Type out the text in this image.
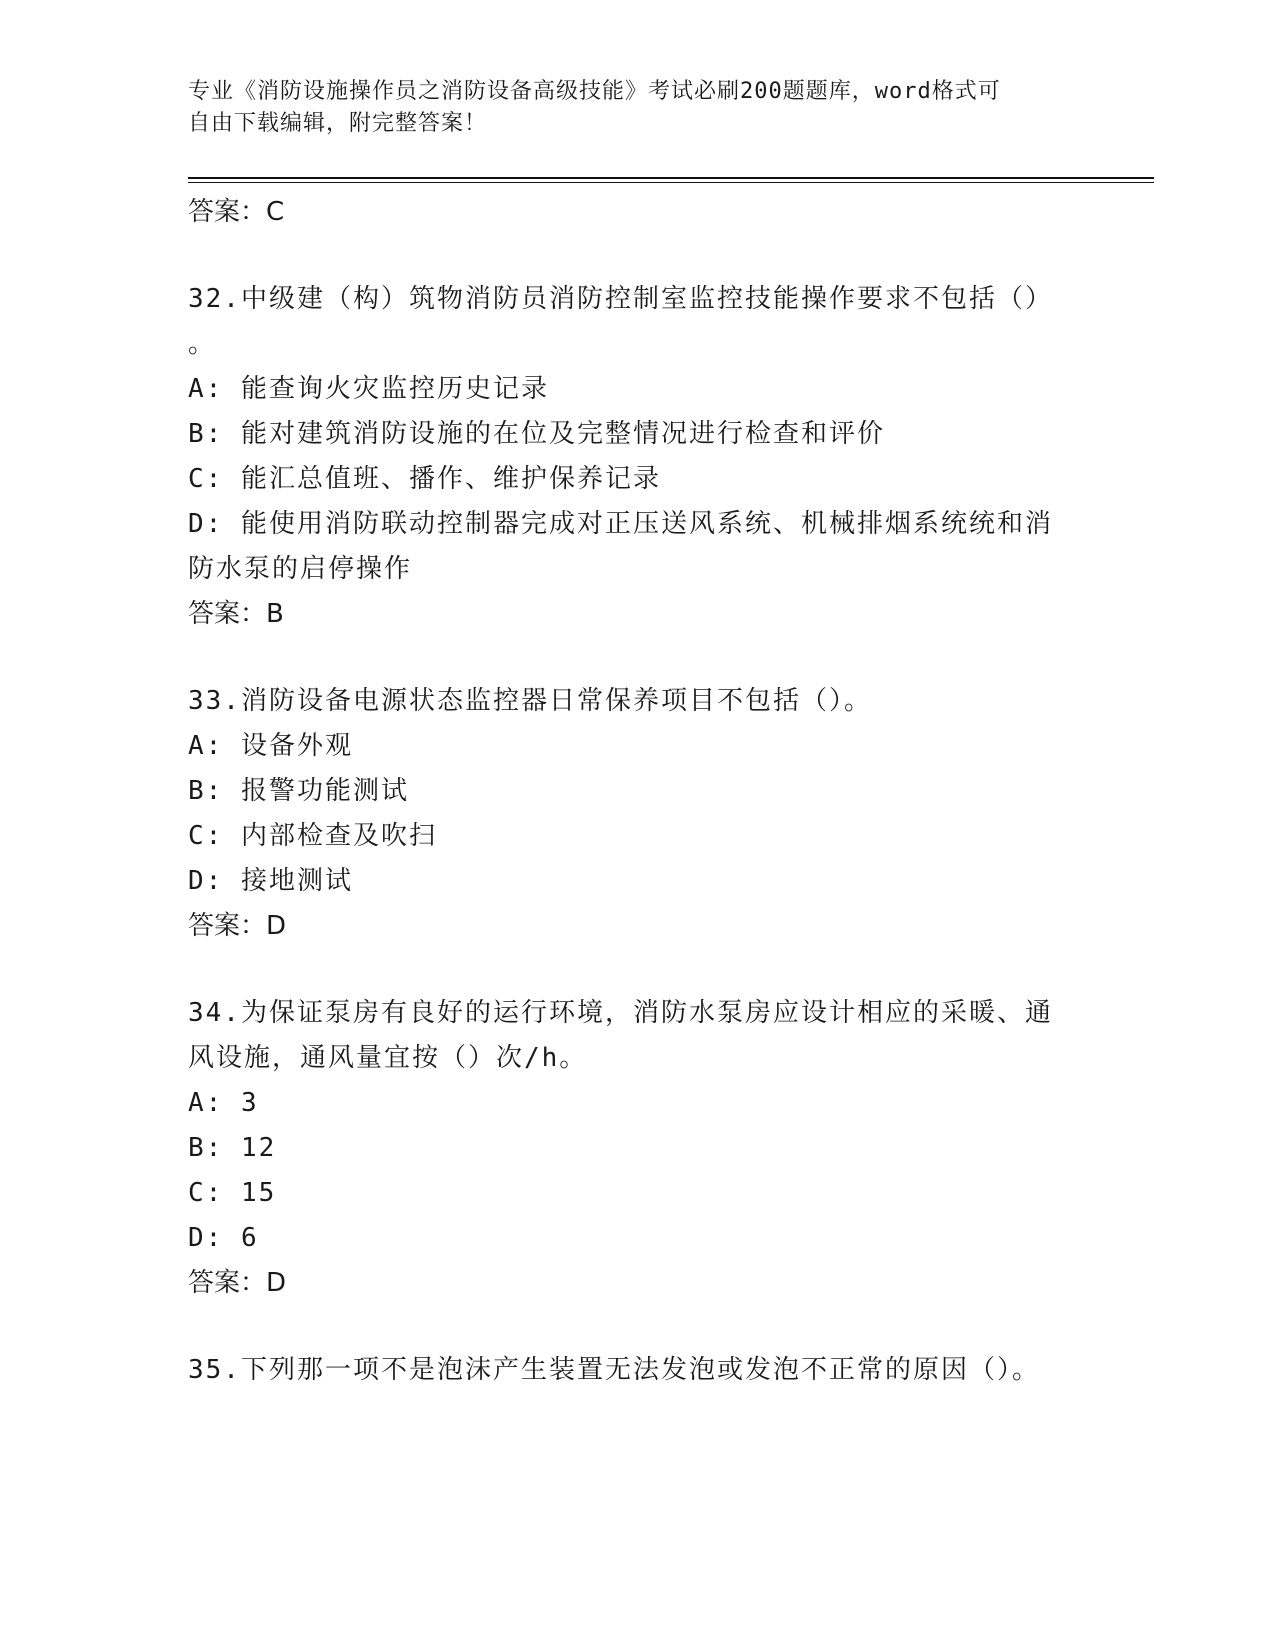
专业《消防设施操作员之消防设备高级技能》考试必刷200题题库，word格式可
自由下载编辑，附完整答案！
答案：C
32.中级建（构）筑物消防员消防控制室监控技能操作要求不包括（）
。
A: 能查询火灾监控历史记录
B: 能对建筑消防设施的在位及完整情况进行检查和评价
C: 能汇总值班、播作、维护保养记录
D: 能使用消防联动控制器完成对正压送风系统、机械排烟系统统和消
防水泵的启停操作
答案：B
33.消防设备电源状态监控器日常保养项目不包括（）。
A: 设备外观
B: 报警功能测试
C: 内部检查及吹扫
D: 接地测试
答案：D
34.为保证泵房有良好的运行环境，消防水泵房应设计相应的采暖、通
风设施，通风量宜按（）次/h。
A: 3
B: 12
C: 15
D: 6
答案：D
35.下列那一项不是泡沫产生装置无法发泡或发泡不正常的原因（）。
